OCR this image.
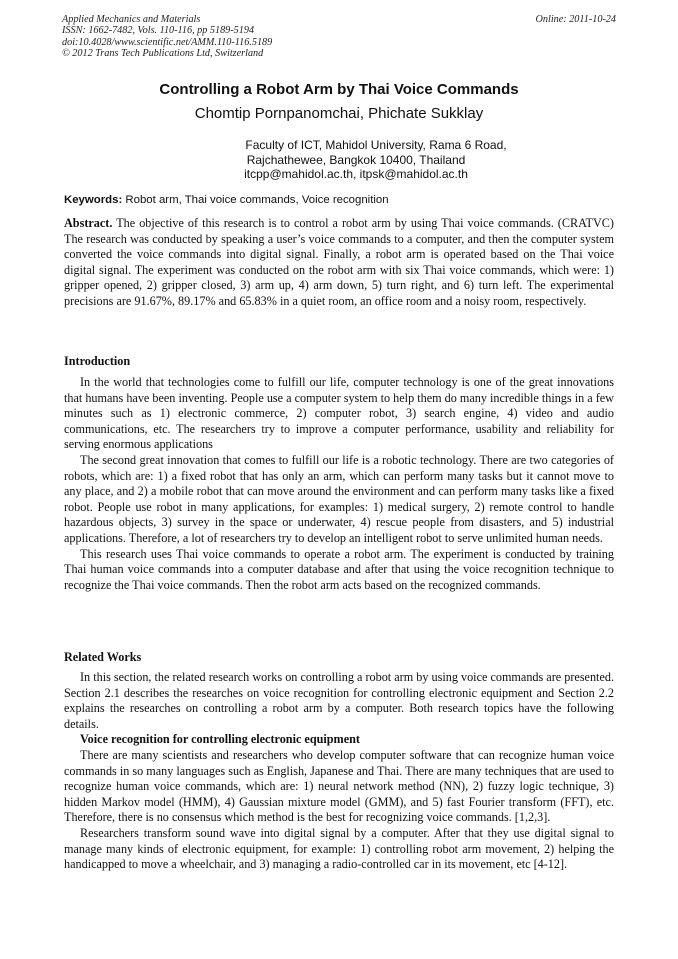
Applied Mechanics and Materials
ISSN: 1662-7482, Vols. 110-116, pp 5189-5194
doi:10.4028/www.scientific.net/AMM.110-116.5189
© 2012 Trans Tech Publications Ltd, Switzerland
Online: 2011-10-24
Controlling a Robot Arm by Thai Voice Commands
Chomtip Pornpanomchai, Phichate Sukklay
Faculty of ICT, Mahidol University, Rama 6 Road,
Rajchathewee, Bangkok 10400, Thailand
itcpp@mahidol.ac.th, itpsk@mahidol.ac.th
Keywords: Robot arm, Thai voice commands, Voice recognition

Abstract. The objective of this research is to control a robot arm by using Thai voice commands. (CRATVC) The research was conducted by speaking a user’s voice commands to a computer, and then the computer system converted the voice commands into digital signal. Finally, a robot arm is operated based on the Thai voice digital signal. The experiment was conducted on the robot arm with six Thai voice commands, which were: 1) gripper opened, 2) gripper closed, 3) arm up, 4) arm down, 5) turn right, and 6) turn left. The experimental precisions are 91.67%, 89.17% and 65.83% in a quiet room, an office room and a noisy room, respectively.

Introduction

In the world that technologies come to fulfill our life, computer technology is one of the great innovations that humans have been inventing. People use a computer system to help them do many incredible things in a few minutes such as 1) electronic commerce, 2) computer robot, 3) search engine, 4) video and audio communications, etc. The researchers try to improve a computer performance, usability and reliability for serving enormous applications

The second great innovation that comes to fulfill our life is a robotic technology. There are two categories of robots, which are: 1) a fixed robot that has only an arm, which can perform many tasks but it cannot move to any place, and 2) a mobile robot that can move around the environment and can perform many tasks like a fixed robot. People use robot in many applications, for examples: 1) medical surgery, 2) remote control to handle hazardous objects, 3) survey in the space or underwater, 4) rescue people from disasters, and 5) industrial applications. Therefore, a lot of researchers try to develop an intelligent robot to serve unlimited human needs.

This research uses Thai voice commands to operate a robot arm. The experiment is conducted by training Thai human voice commands into a computer database and after that using the voice recognition technique to recognize the Thai voice commands. Then the robot arm acts based on the recognized commands.

Related Works

In this section, the related research works on controlling a robot arm by using voice commands are presented. Section 2.1 describes the researches on voice recognition for controlling electronic equipment and Section 2.2 explains the researches on controlling a robot arm by a computer. Both research topics have the following details.

Voice recognition for controlling electronic equipment

There are many scientists and researchers who develop computer software that can recognize human voice commands in so many languages such as English, Japanese and Thai. There are many techniques that are used to recognize human voice commands, which are: 1) neural network method (NN), 2) fuzzy logic technique, 3) hidden Markov model (HMM), 4) Gaussian mixture model (GMM), and 5) fast Fourier transform (FFT), etc. Therefore, there is no consensus which method is the best for recognizing voice commands. [1,2,3].

Researchers transform sound wave into digital signal by a computer. After that they use digital signal to manage many kinds of electronic equipment, for example: 1) controlling robot arm movement, 2) helping the handicapped to move a wheelchair, and 3) managing a radio-controlled car in its movement, etc [4-12].
